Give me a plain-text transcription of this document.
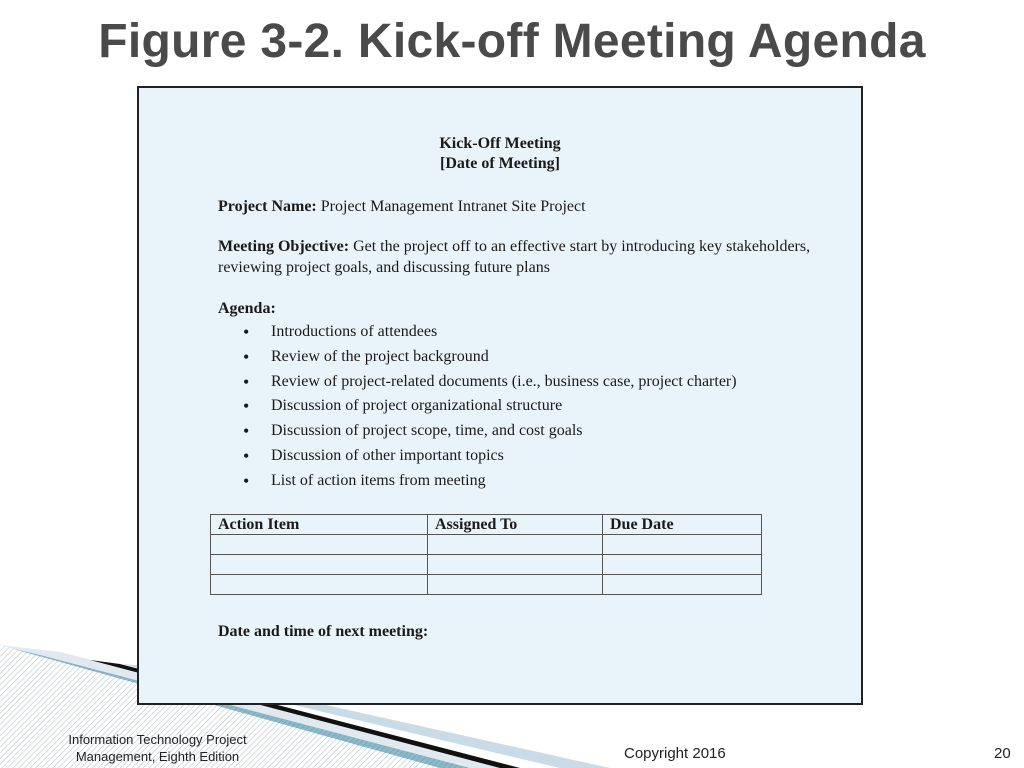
Figure 3-2. Kick-off Meeting Agenda
Kick-Off Meeting
[Date of Meeting]
Project Name: Project Management Intranet Site Project
Meeting Objective: Get the project off to an effective start by introducing key stakeholders, reviewing project goals, and discussing future plans
Agenda:
• Introductions of attendees
• Review of the project background
• Review of project-related documents (i.e., business case, project charter)
• Discussion of project organizational structure
• Discussion of project scope, time, and cost goals
• Discussion of other important topics
• List of action items from meeting
Action Item	Assigned To	Due Date

Date and time of next meeting:
Information Technology Project Management, Eighth Edition	Copyright 2016	20
